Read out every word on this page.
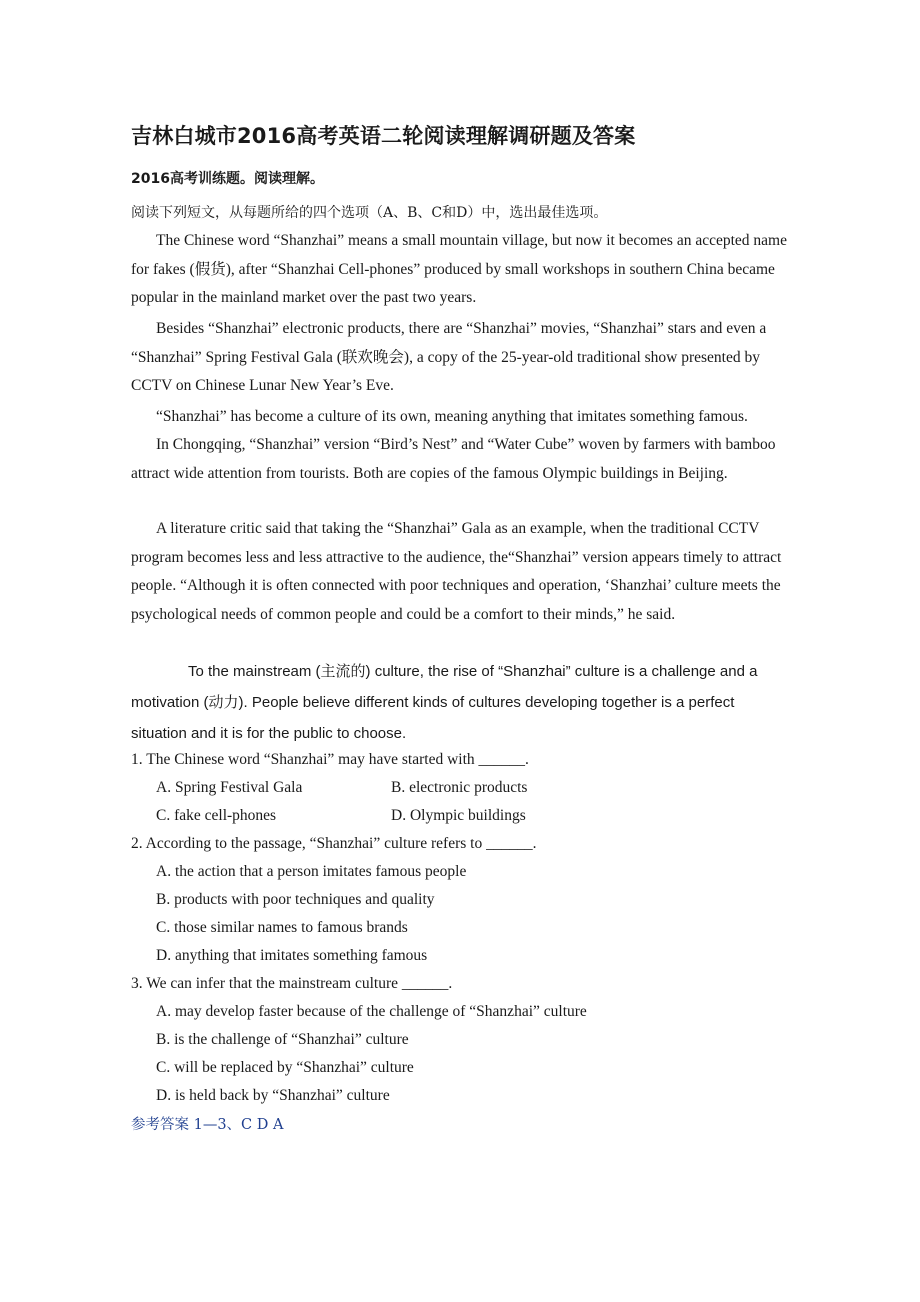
吉林白城市2016高考英语二轮阅读理解调研题及答案
2016高考训练题。阅读理解。
阅读下列短文，从每题所给的四个选项（A、B、C和D）中，选出最佳选项。

The Chinese word “Shanzhai” means a small mountain village, but now it becomes an accepted name for fakes (假货), after “Shanzhai Cell-phones” produced by small workshops in southern China became popular in the mainland market over the past two years.

Besides “Shanzhai” electronic products, there are “Shanzhai” movies, “Shanzhai” stars and even a “Shanzhai” Spring Festival Gala (联欢晚会), a copy of the 25-year-old traditional show presented by CCTV on Chinese Lunar New Year’s Eve.

“Shanzhai” has become a culture of its own, meaning anything that imitates something famous.

In Chongqing, “Shanzhai” version “Bird’s Nest” and “Water Cube” woven by farmers with bamboo attract wide attention from tourists. Both are copies of the famous Olympic buildings in Beijing.

A literature critic said that taking the “Shanzhai” Gala as an example, when the traditional CCTV program becomes less and less attractive to the audience, the“Shanzhai” version appears timely to attract people. “Although it is often connected with poor techniques and operation, ‘Shanzhai’ culture meets the psychological needs of common people and could be a comfort to their minds,” he said.

To the mainstream (主流的) culture, the rise of “Shanzhai” culture is a challenge and a motivation (动力). People believe different kinds of cultures developing together is a perfect situation and it is for the public to choose.

1. The Chinese word “Shanzhai” may have started with ______.
A. Spring Festival Gala	B. electronic products
C. fake cell-phones	D. Olympic buildings
2. According to the passage, “Shanzhai” culture refers to ______.
A. the action that a person imitates famous people
B. products with poor techniques and quality
C. those similar names to famous brands
D. anything that imitates something famous
3. We can infer that the mainstream culture ______.
A. may develop faster because of the challenge of “Shanzhai” culture
B. is the challenge of “Shanzhai” culture
C. will be replaced by “Shanzhai” culture
D. is held back by “Shanzhai” culture
参考答案 1—3、C D A
